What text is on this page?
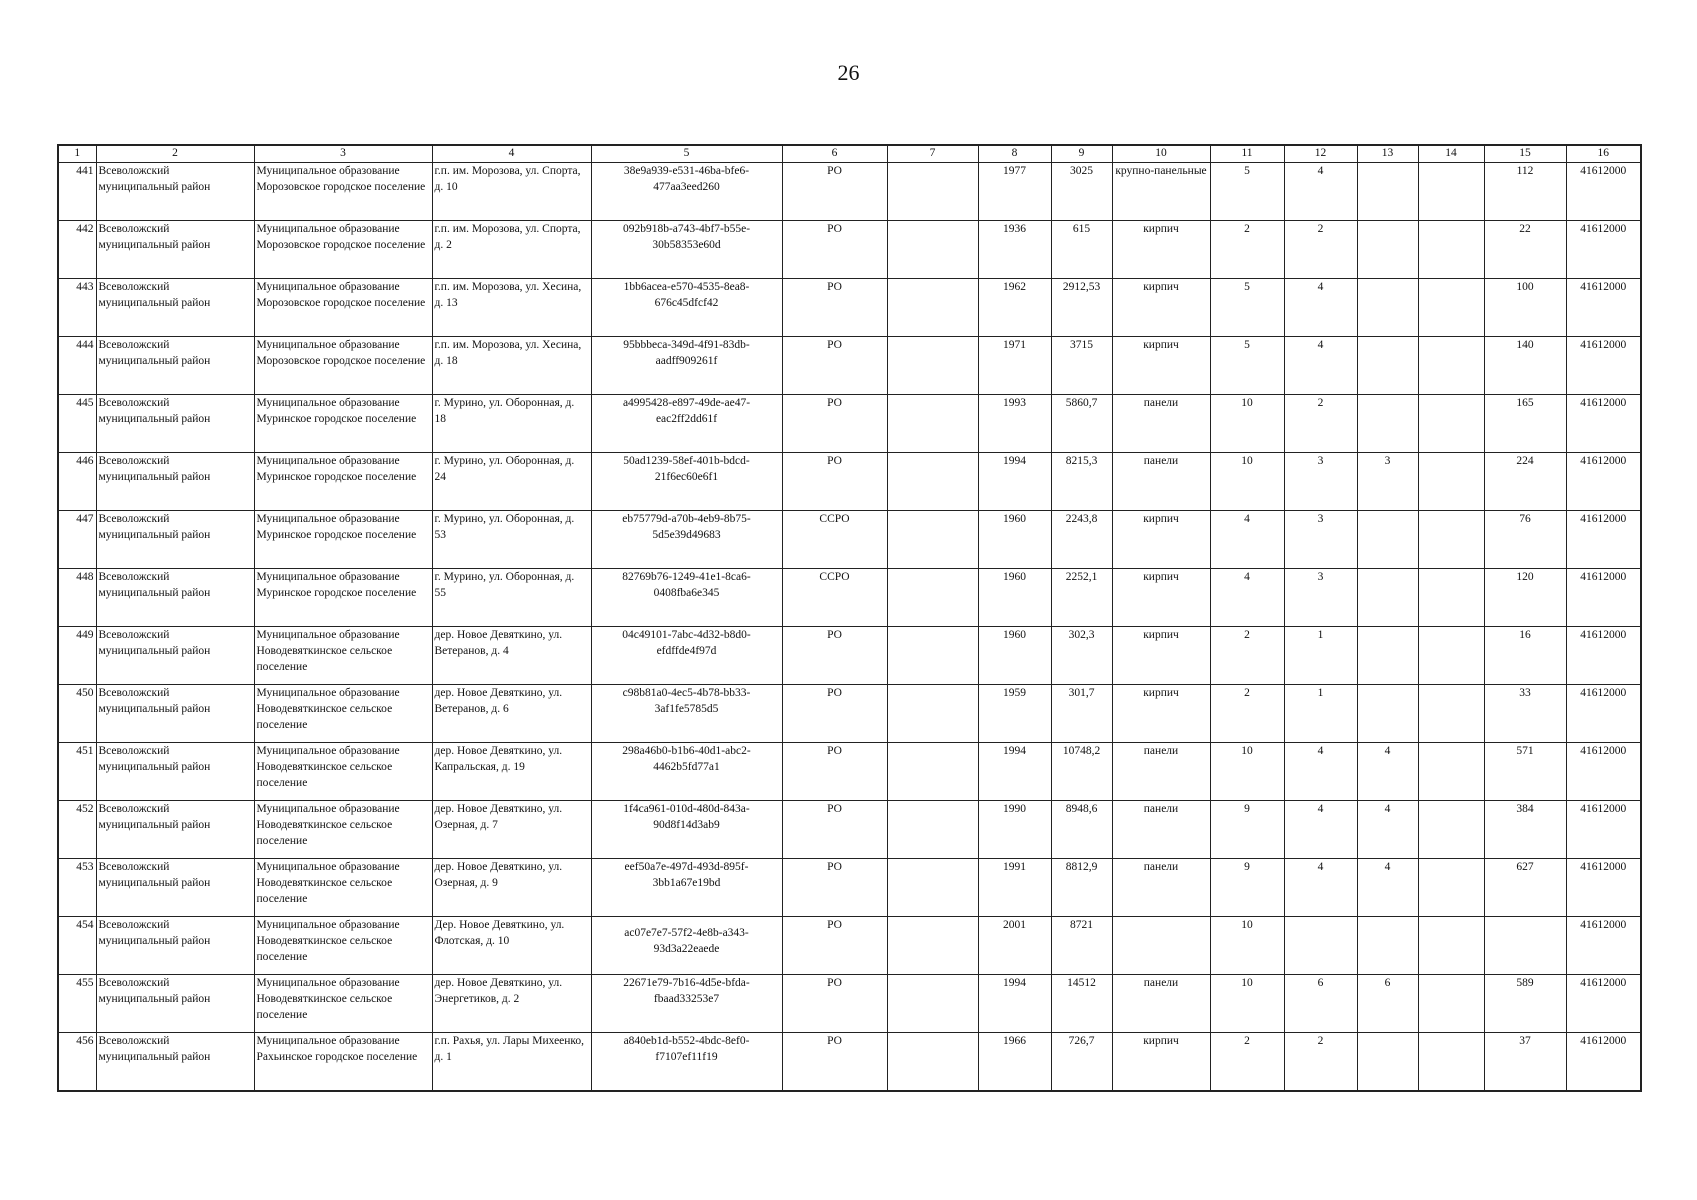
26
1	2	3	4	5	6	7	8	9	10	11	12	13	14	15	16
441	Всеволожский муниципальный район	Муниципальное образование Морозовское городское поселение	г.п. им. Морозова, ул. Спорта, д. 10	38e9a939-e531-46ba-bfe6-477aa3eed260	РО		1977	3025	крупно-панельные	5	4			112	41612000
442	Всеволожский муниципальный район	Муниципальное образование Морозовское городское поселение	г.п. им. Морозова, ул. Спорта, д. 2	092b918b-a743-4bf7-b55e-30b58353e60d	РО		1936	615	кирпич	2	2			22	41612000
443	Всеволожский муниципальный район	Муниципальное образование Морозовское городское поселение	г.п. им. Морозова, ул. Хесина, д. 13	1bb6acea-e570-4535-8ea8-676c45dfcf42	РО		1962	2912,53	кирпич	5	4			100	41612000
444	Всеволожский муниципальный район	Муниципальное образование Морозовское городское поселение	г.п. им. Морозова, ул. Хесина, д. 18	95bbbeca-349d-4f91-83db-aadff909261f	РО		1971	3715	кирпич	5	4			140	41612000
445	Всеволожский муниципальный район	Муниципальное образование Муринское городское поселение	г. Мурино, ул. Оборонная, д. 18	a4995428-e897-49de-ae47-eac2ff2dd61f	РО		1993	5860,7	панели	10	2			165	41612000
446	Всеволожский муниципальный район	Муниципальное образование Муринское городское поселение	г. Мурино, ул. Оборонная, д. 24	50ad1239-58ef-401b-bdcd-21f6ec60e6f1	РО		1994	8215,3	панели	10	3	3		224	41612000
447	Всеволожский муниципальный район	Муниципальное образование Муринское городское поселение	г. Мурино, ул. Оборонная, д. 53	eb75779d-a70b-4eb9-8b75-5d5e39d49683	ССРО		1960	2243,8	кирпич	4	3			76	41612000
448	Всеволожский муниципальный район	Муниципальное образование Муринское городское поселение	г. Мурино, ул. Оборонная, д. 55	82769b76-1249-41e1-8ca6-0408fba6e345	ССРО		1960	2252,1	кирпич	4	3			120	41612000
449	Всеволожский муниципальный район	Муниципальное образование Новодевяткинское сельское поселение	дер. Новое Девяткино, ул. Ветеранов, д. 4	04c49101-7abc-4d32-b8d0-efdffde4f97d	РО		1960	302,3	кирпич	2	1			16	41612000
450	Всеволожский муниципальный район	Муниципальное образование Новодевяткинское сельское поселение	дер. Новое Девяткино, ул. Ветеранов, д. 6	c98b81a0-4ec5-4b78-bb33-3af1fe5785d5	РО		1959	301,7	кирпич	2	1			33	41612000
451	Всеволожский муниципальный район	Муниципальное образование Новодевяткинское сельское поселение	дер. Новое Девяткино, ул. Капральская, д. 19	298a46b0-b1b6-40d1-abc2-4462b5fd77a1	РО		1994	10748,2	панели	10	4	4		571	41612000
452	Всеволожский муниципальный район	Муниципальное образование Новодевяткинское сельское поселение	дер. Новое Девяткино, ул. Озерная, д. 7	1f4ca961-010d-480d-843a-90d8f14d3ab9	РО		1990	8948,6	панели	9	4	4		384	41612000
453	Всеволожский муниципальный район	Муниципальное образование Новодевяткинское сельское поселение	дер. Новое Девяткино, ул. Озерная, д. 9	eef50a7e-497d-493d-895f-3bb1a67e19bd	РО		1991	8812,9	панели	9	4	4		627	41612000
454	Всеволожский муниципальный район	Муниципальное образование Новодевяткинское сельское поселение	Дер. Новое Девяткино, ул. Флотская, д. 10	ac07e7e7-57f2-4e8b-a343-93d3a22eaede	РО		2001	8721		10					41612000
455	Всеволожский муниципальный район	Муниципальное образование Новодевяткинское сельское поселение	дер. Новое Девяткино, ул. Энергетиков, д. 2	22671e79-7b16-4d5e-bfda-fbaad33253e7	РО		1994	14512	панели	10	6	6		589	41612000
456	Всеволожский муниципальный район	Муниципальное образование Рахьинское городское поселение	г.п. Рахья, ул. Лары Михеенко, д. 1	a840eb1d-b552-4bdc-8ef0-f7107ef11f19	РО		1966	726,7	кирпич	2	2			37	41612000
